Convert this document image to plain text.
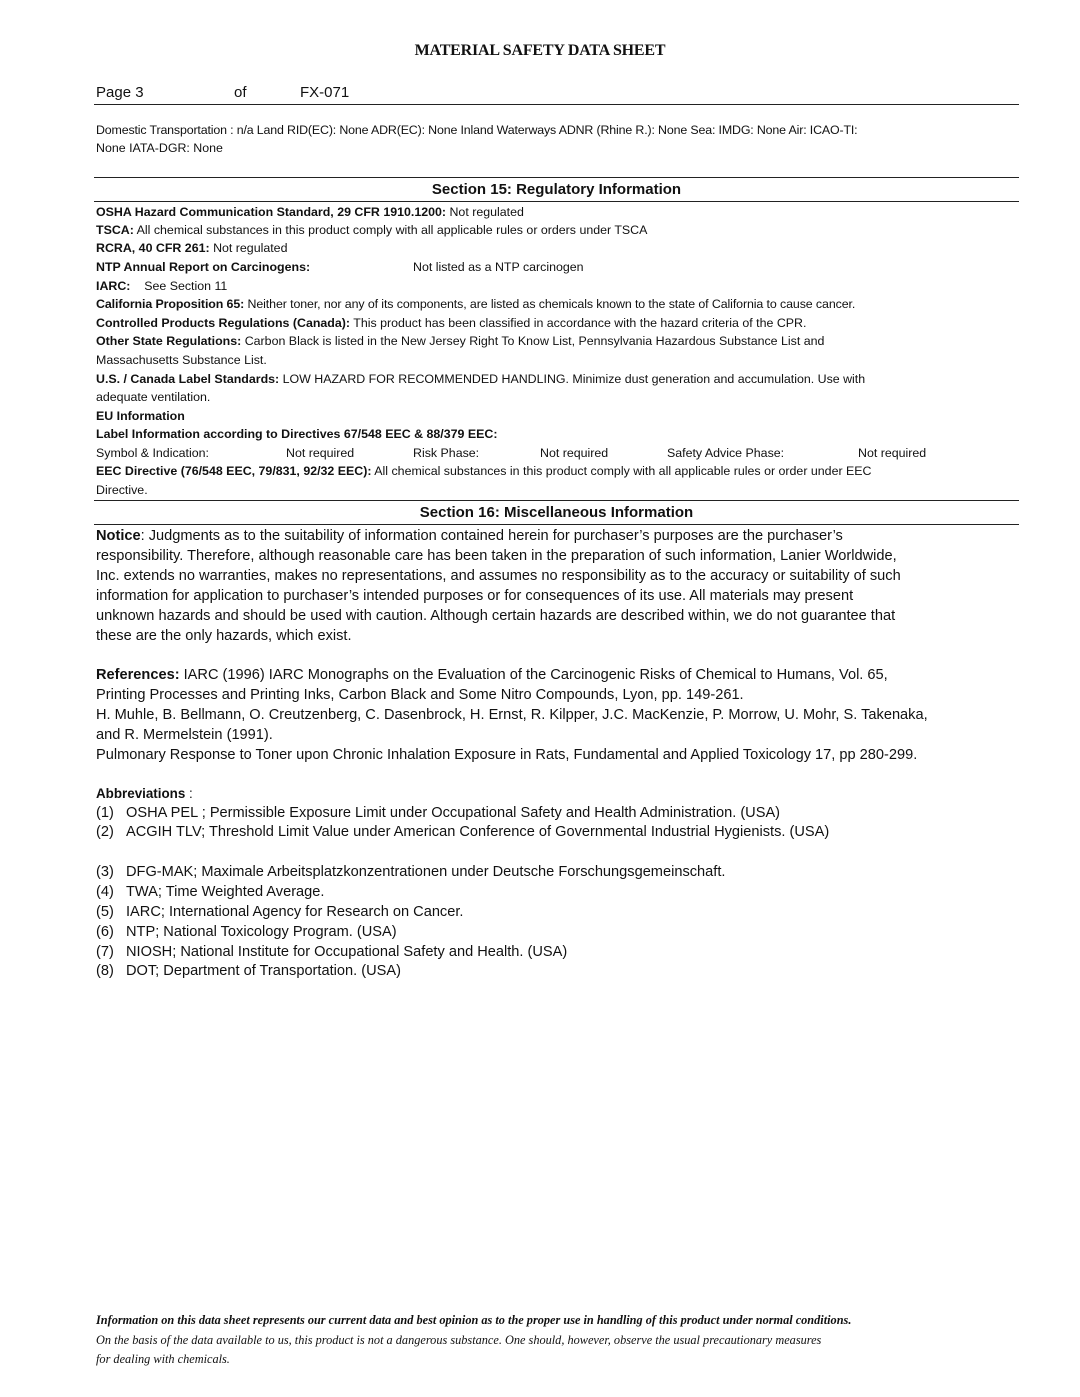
MATERIAL SAFETY DATA SHEET
Page 3	of	FX-071
Domestic Transportation : n/a Land RID(EC): None ADR(EC): None Inland Waterways ADNR (Rhine R.): None Sea: IMDG: None Air: ICAO-TI:
None IATA-DGR: None
Section 15: Regulatory Information
OSHA Hazard Communication Standard, 29 CFR 1910.1200: Not regulated
TSCA: All chemical substances in this product comply with all applicable rules or orders under TSCA
RCRA, 40 CFR 261: Not regulated
NTP Annual Report on Carcinogens:	Not listed as a NTP carcinogen
IARC: See Section 11
California Proposition 65: Neither toner, nor any of its components, are listed as chemicals known to the state of California to cause cancer.
Controlled Products Regulations (Canada): This product has been classified in accordance with the hazard criteria of the CPR.
Other State Regulations: Carbon Black is listed in the New Jersey Right To Know List, Pennsylvania Hazardous Substance List and
Massachusetts Substance List.
U.S. / Canada Label Standards: LOW HAZARD FOR RECOMMENDED HANDLING. Minimize dust generation and accumulation. Use with
adequate ventilation.
EU Information
Label Information according to Directives 67/548 EEC & 88/379 EEC:
Symbol & Indication:	Not required	Risk Phase:	Not required	Safety Advice Phase:	Not required
EEC Directive (76/548 EEC, 79/831, 92/32 EEC): All chemical substances in this product comply with all applicable rules or order under EEC
Directive.
Section 16: Miscellaneous Information
Notice: Judgments as to the suitability of information contained herein for purchaser’s purposes are the purchaser’s
responsibility. Therefore, although reasonable care has been taken in the preparation of such information, Lanier Worldwide,
Inc. extends no warranties, makes no representations, and assumes no responsibility as to the accuracy or suitability of such
information for application to purchaser’s intended purposes or for consequences of its use. All materials may present
unknown hazards and should be used with caution. Although certain hazards are described within, we do not guarantee that
these are the only hazards, which exist.
References: IARC (1996) IARC Monographs on the Evaluation of the Carcinogenic Risks of Chemical to Humans, Vol. 65,
Printing Processes and Printing Inks, Carbon Black and Some Nitro Compounds, Lyon, pp. 149-261.
H. Muhle, B. Bellmann, O. Creutzenberg, C. Dasenbrock, H. Ernst, R. Kilpper, J.C. MacKenzie, P. Morrow, U. Mohr, S. Takenaka,
and R. Mermelstein (1991).
Pulmonary Response to Toner upon Chronic Inhalation Exposure in Rats, Fundamental and Applied Toxicology 17, pp 280-299.
Abbreviations :
(1) OSHA PEL ; Permissible Exposure Limit under Occupational Safety and Health Administration. (USA)
(2) ACGIH TLV; Threshold Limit Value under American Conference of Governmental Industrial Hygienists. (USA)
(3) DFG-MAK; Maximale Arbeitsplatzkonzentrationen under Deutsche Forschungsgemeinschaft.
(4) TWA; Time Weighted Average.
(5) IARC; International Agency for Research on Cancer.
(6) NTP; National Toxicology Program. (USA)
(7) NIOSH; National Institute for Occupational Safety and Health. (USA)
(8) DOT; Department of Transportation. (USA)
Information on this data sheet represents our current data and best opinion as to the proper use in handling of this product under normal conditions.
On the basis of the data available to us, this product is not a dangerous substance. One should, however, observe the usual precautionary measures
for dealing with chemicals.
